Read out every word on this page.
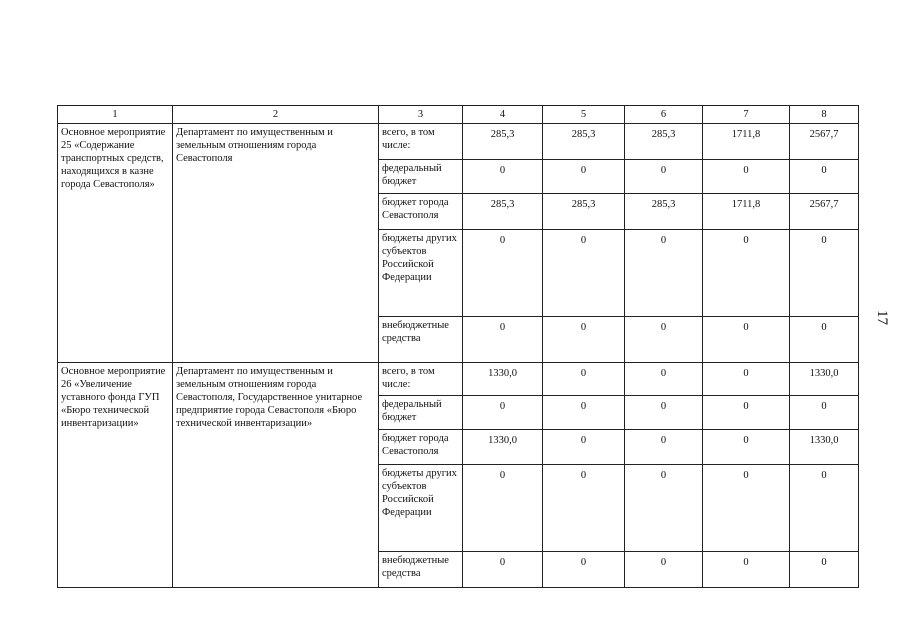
17
1	2	3	4	5	6	7	8
Основное мероприятие 25 «Содержание транспортных средств, находящихся в казне города Севастополя»	Департамент по имущественным и земельным отношениям города Севастополя	всего, в том числе:	285,3	285,3	285,3	1711,8	2567,7
		федеральный бюджет	0	0	0	0	0
		бюджет города Севастополя	285,3	285,3	285,3	1711,8	2567,7
		бюджеты других субъектов Российской Федерации	0	0	0	0	0
		внебюджетные средства	0	0	0	0	0
Основное мероприятие 26 «Увеличение уставного фонда ГУП «Бюро технической инвентаризации»	Департамент по имущественным и земельным отношениям города Севастополя, Государственное унитарное предприятие города Севастополя «Бюро технической инвентаризации»	всего, в том числе:	1330,0	0	0	0	1330,0
		федеральный бюджет	0	0	0	0	0
		бюджет города Севастополя	1330,0	0	0	0	1330,0
		бюджеты других субъектов Российской Федерации	0	0	0	0	0
		внебюджетные средства	0	0	0	0	0
